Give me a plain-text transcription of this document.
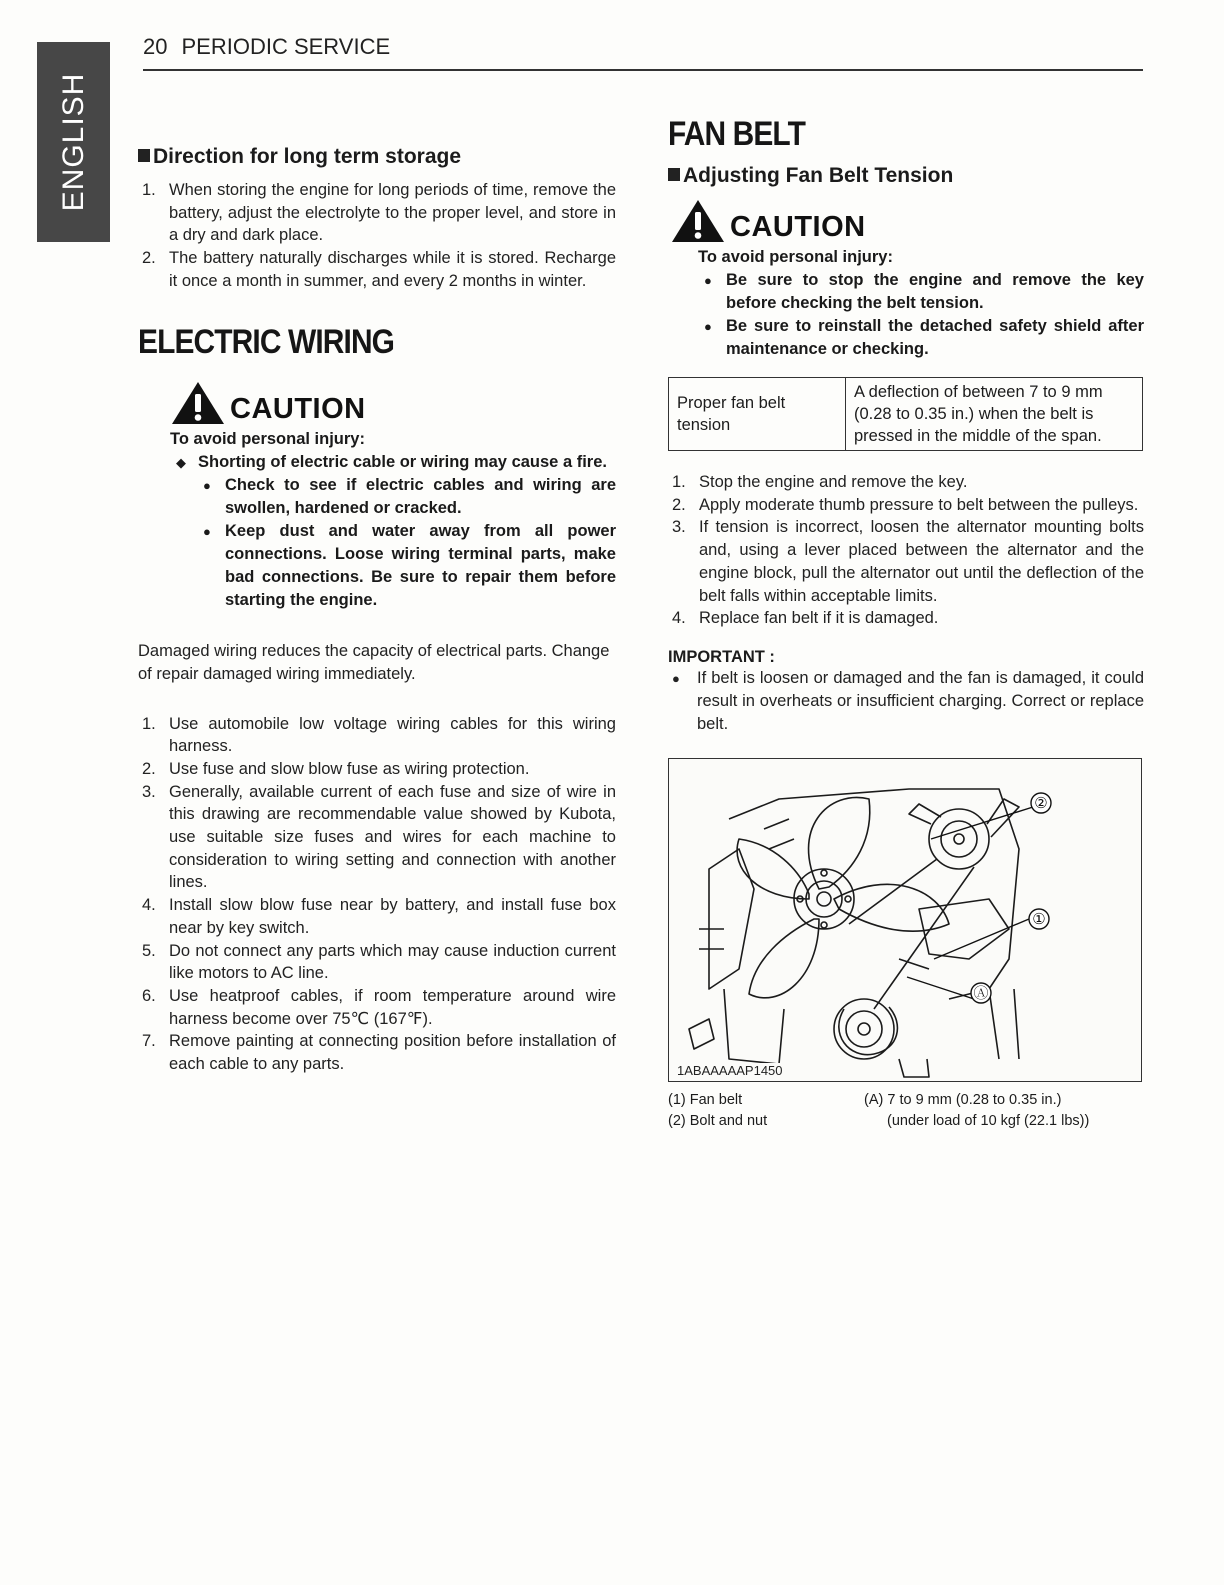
ENGLISH
20 PERIODIC SERVICE
Direction for long term storage
1. When storing the engine for long periods of time, remove the battery, adjust the electrolyte to the proper level, and store in a dry and dark place.
2. The battery naturally discharges while it is stored. Recharge it once a month in summer, and every 2 months in winter.
ELECTRIC WIRING
CAUTION

To avoid personal injury:

◆ Shorting of electric cable or wiring may cause a fire.
● Check to see if electric cables and wiring are swollen, hardened or cracked.
● Keep dust and water away from all power connections. Loose wiring terminal parts, make bad connections. Be sure to repair them before starting the engine.

Damaged wiring reduces the capacity of electrical parts. Change of repair damaged wiring immediately.

1. Use automobile low voltage wiring cables for this wiring harness.
2. Use fuse and slow blow fuse as wiring protection.
3. Generally, available current of each fuse and size of wire in this drawing are recommendable value showed by Kubota, use suitable size fuses and wires for each machine to consideration to wiring setting and connection with another lines.
4. Install slow blow fuse near by battery, and install fuse box near by key switch.
5. Do not connect any parts which may cause induction current like motors to AC line.
6. Use heatproof cables, if room temperature around wire harness become over 75℃ (167℉).
7. Remove painting at connecting position before installation of each cable to any parts.
FAN BELT
Adjusting Fan Belt Tension
CAUTION

To avoid personal injury:

● Be sure to stop the engine and remove the key before checking the belt tension.
● Be sure to reinstall the detached safety shield after maintenance or checking.
Proper fan belt tension	A deflection of between 7 to 9 mm (0.28 to 0.35 in.) when the belt is pressed in the middle of the span.
1. Stop the engine and remove the key.
2. Apply moderate thumb pressure to belt between the pulleys.
3. If tension is incorrect, loosen the alternator mounting bolts and, using a lever placed between the alternator and the engine block, pull the alternator out until the deflection of the belt falls within acceptable limits.
4. Replace fan belt if it is damaged.

IMPORTANT :

● If belt is loosen or damaged and the fan is damaged, it could result in overheats or insufficient charging. Correct or replace belt.
②
①
Ⓐ
1ABAAAAAP1450
(1) Fan belt
(2) Bolt and nut
(A) 7 to 9 mm (0.28 to 0.35 in.)
(under load of 10 kgf (22.1 lbs))
